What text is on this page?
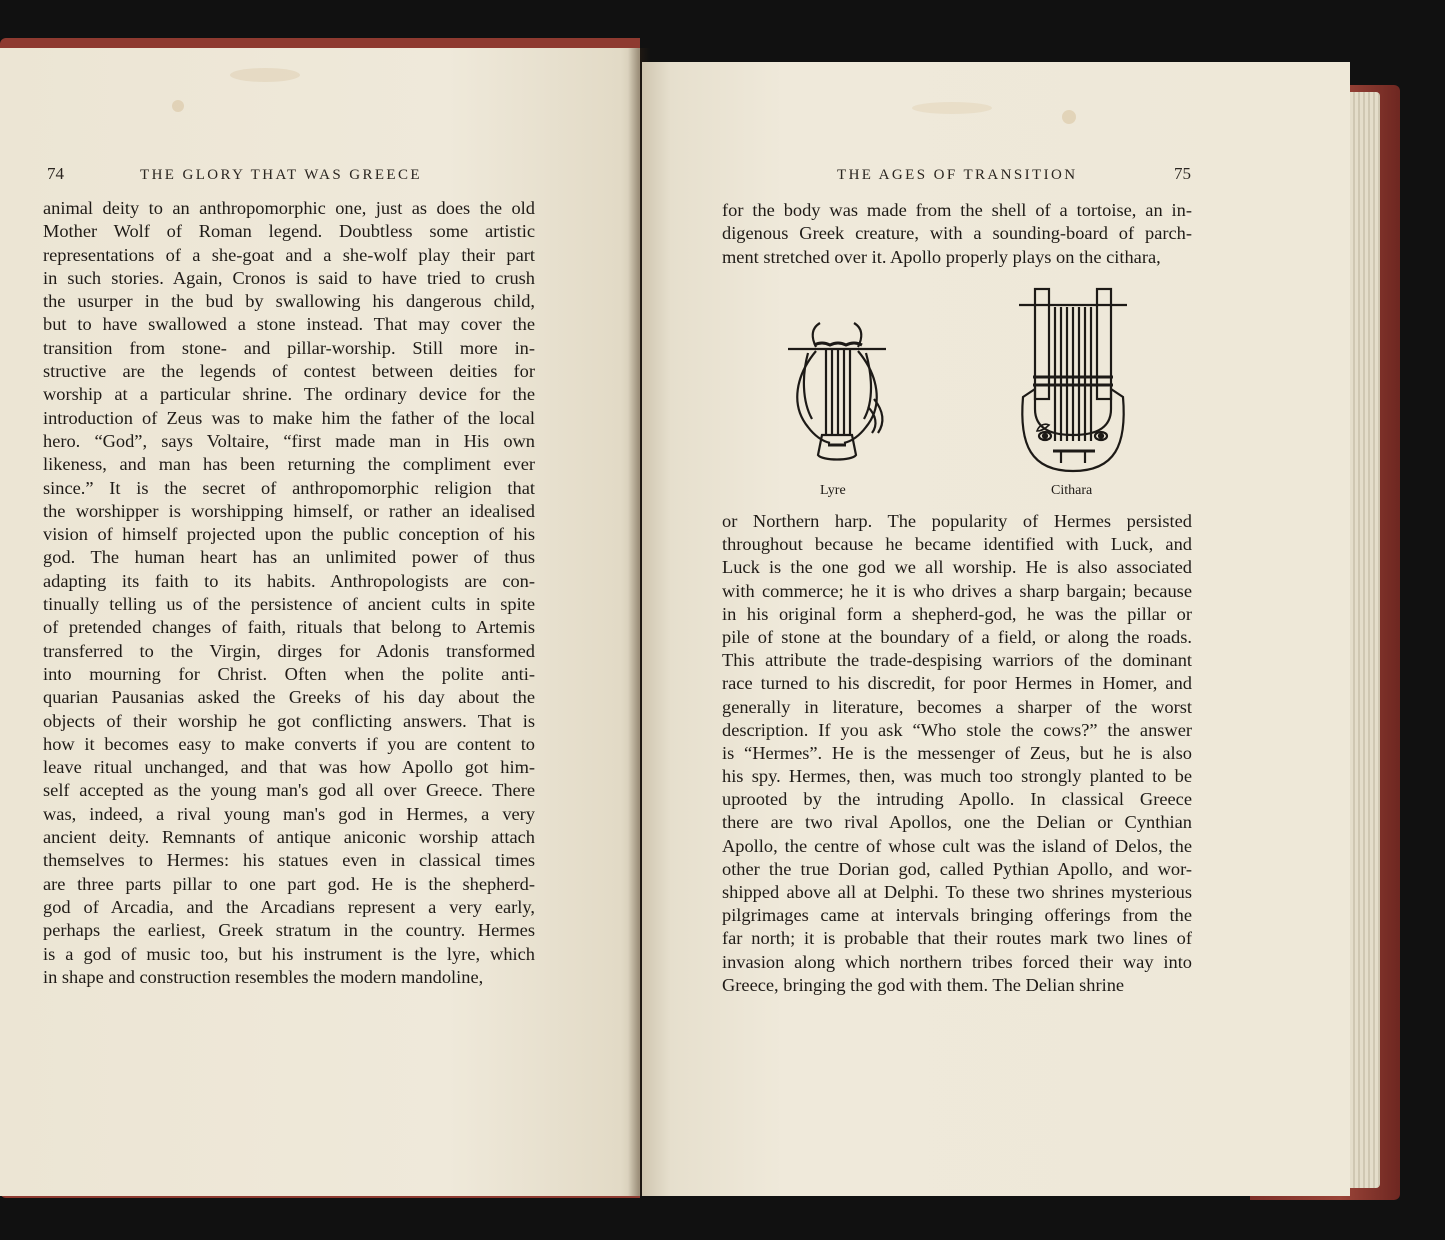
74	THE GLORY THAT WAS GREECE
animal deity to an anthropomorphic one, just as does the old
Mother Wolf of Roman legend. Doubtless some artistic
representations of a she-goat and a she-wolf play their part
in such stories. Again, Cronos is said to have tried to crush
the usurper in the bud by swallowing his dangerous child,
but to have swallowed a stone instead. That may cover the
transition from stone- and pillar-worship. Still more in-
structive are the legends of contest between deities for
worship at a particular shrine. The ordinary device for the
introduction of Zeus was to make him the father of the local
hero. “God”, says Voltaire, “first made man in His own
likeness, and man has been returning the compliment ever
since.” It is the secret of anthropomorphic religion that
the worshipper is worshipping himself, or rather an idealised
vision of himself projected upon the public conception of his
god. The human heart has an unlimited power of thus
adapting its faith to its habits. Anthropologists are con-
tinually telling us of the persistence of ancient cults in spite
of pretended changes of faith, rituals that belong to Artemis
transferred to the Virgin, dirges for Adonis transformed
into mourning for Christ. Often when the polite anti-
quarian Pausanias asked the Greeks of his day about the
objects of their worship he got conflicting answers. That is
how it becomes easy to make converts if you are content to
leave ritual unchanged, and that was how Apollo got him-
self accepted as the young man's god all over Greece. There
was, indeed, a rival young man's god in Hermes, a very
ancient deity. Remnants of antique aniconic worship attach
themselves to Hermes: his statues even in classical times
are three parts pillar to one part god. He is the shepherd-
god of Arcadia, and the Arcadians represent a very early,
perhaps the earliest, Greek stratum in the country. Hermes
is a god of music too, but his instrument is the lyre, which
in shape and construction resembles the modern mandoline,
THE AGES OF TRANSITION	75
for the body was made from the shell of a tortoise, an in-
digenous Greek creature, with a sounding-board of parch-
ment stretched over it. Apollo properly plays on the cithara,
Lyre	Cithara
or Northern harp. The popularity of Hermes persisted
throughout because he became identified with Luck, and
Luck is the one god we all worship. He is also associated
with commerce; he it is who drives a sharp bargain; because
in his original form a shepherd-god, he was the pillar or
pile of stone at the boundary of a field, or along the roads.
This attribute the trade-despising warriors of the dominant
race turned to his discredit, for poor Hermes in Homer, and
generally in literature, becomes a sharper of the worst
description. If you ask “Who stole the cows?” the answer
is “Hermes”. He is the messenger of Zeus, but he is also
his spy. Hermes, then, was much too strongly planted to be
uprooted by the intruding Apollo. In classical Greece
there are two rival Apollos, one the Delian or Cynthian
Apollo, the centre of whose cult was the island of Delos, the
other the true Dorian god, called Pythian Apollo, and wor-
shipped above all at Delphi. To these two shrines mysterious
pilgrimages came at intervals bringing offerings from the
far north; it is probable that their routes mark two lines of
invasion along which northern tribes forced their way into
Greece, bringing the god with them. The Delian shrine
